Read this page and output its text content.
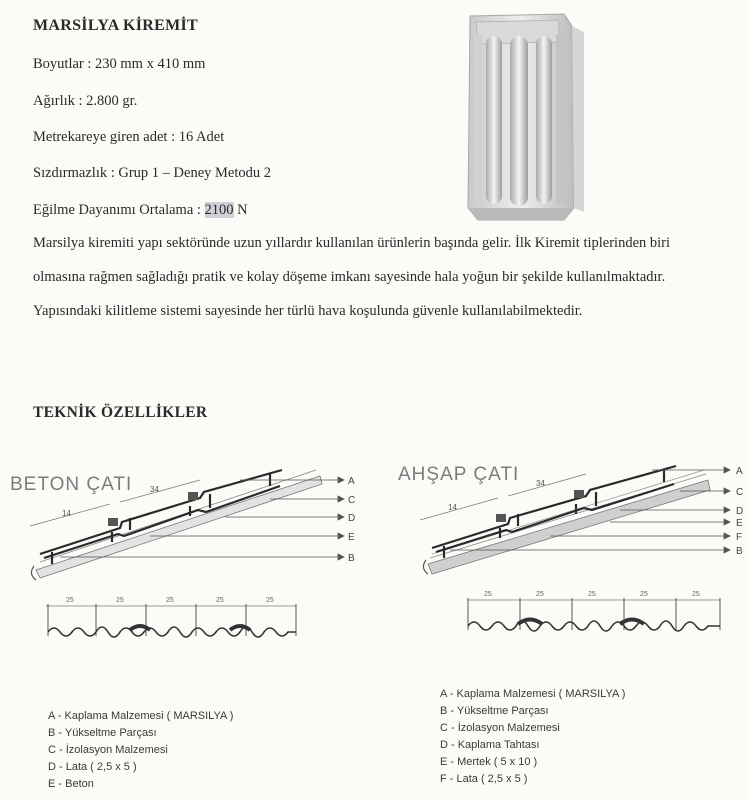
MARSİLYA KİREMİT
Boyutlar : 230 mm x 410 mm
Ağırlık : 2.800 gr.
Metrekareye giren adet : 16 Adet
Sızdırmazlık : Grup 1 – Deney Metodu 2
Eğilme Dayanımı Ortalama : 2100 N
Marsilya kiremiti yapı sektöründe uzun yıllardır kullanılan ürünlerin başında gelir. İlk Kiremit tiplerinden biri olmasına rağmen sağladığı pratik ve kolay döşeme imkanı sayesinde hala yoğun bir şekilde kullanılmaktadır. Yapısındaki kilitleme sistemi sayesinde her türlü hava koşulunda güvenle kullanılabilmektedir.
TEKNİK ÖZELLİKLER
BETON ÇATI	AHŞAP ÇATI
14
34
A
C
D
E
B
25	25	25	25	25
14
34
A
C
D
E
F
B
25	25	25	25	25
A - Kaplama Malzemesi ( MARSILYA )
B - Yükseltme Parçası
C - İzolasyon Malzemesi
D - Lata ( 2,5 x 5 )
E - Beton
A - Kaplama Malzemesi ( MARSILYA )
B - Yükseltme Parçası
C - İzolasyon Malzemesi
D - Kaplama Tahtası
E - Mertek ( 5 x 10 )
F - Lata ( 2,5 x 5 )
